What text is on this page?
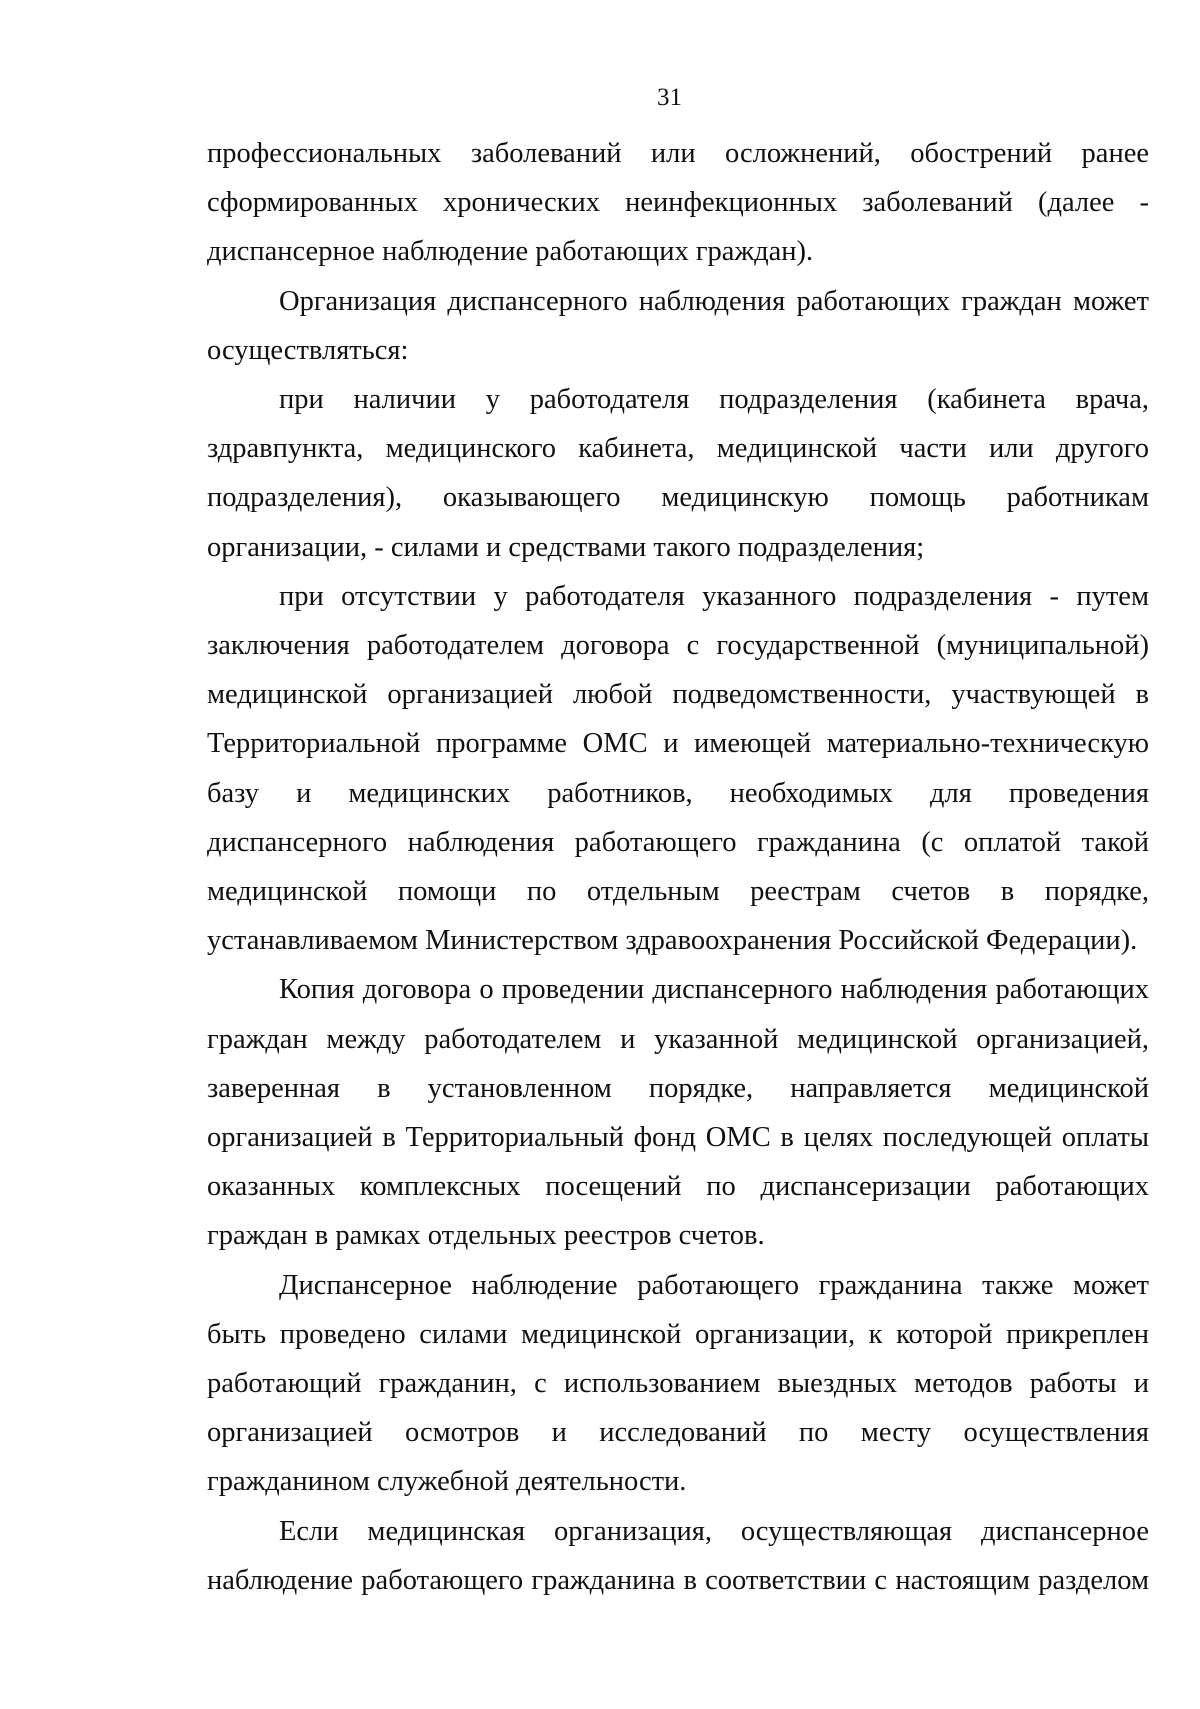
31

профессиональных заболеваний или осложнений, обострений ранее сформированных хронических неинфекционных заболеваний (далее - диспансерное наблюдение работающих граждан).

Организация диспансерного наблюдения работающих граждан может осуществляться:

при наличии у работодателя подразделения (кабинета врача, здравпункта, медицинского кабинета, медицинской части или другого подразделения), оказывающего медицинскую помощь работникам организации, - силами и средствами такого подразделения;

при отсутствии у работодателя указанного подразделения - путем заключения работодателем договора с государственной (муниципальной) медицинской организацией любой подведомственности, участвующей в Территориальной программе ОМС и имеющей материально-техническую базу и медицинских работников, необходимых для проведения диспансерного наблюдения работающего гражданина (с оплатой такой медицинской помощи по отдельным реестрам счетов в порядке, устанавливаемом Министерством здравоохранения Российской Федерации).

Копия договора о проведении диспансерного наблюдения работающих граждан между работодателем и указанной медицинской организацией, заверенная в установленном порядке, направляется медицинской организацией в Территориальный фонд ОМС в целях последующей оплаты оказанных комплексных посещений по диспансеризации работающих граждан в рамках отдельных реестров счетов.

Диспансерное наблюдение работающего гражданина также может быть проведено силами медицинской организации, к которой прикреплен работающий гражданин, с использованием выездных методов работы и организацией осмотров и исследований по месту осуществления гражданином служебной деятельности.

Если медицинская организация, осуществляющая диспансерное наблюдение работающего гражданина в соответствии с настоящим разделом
